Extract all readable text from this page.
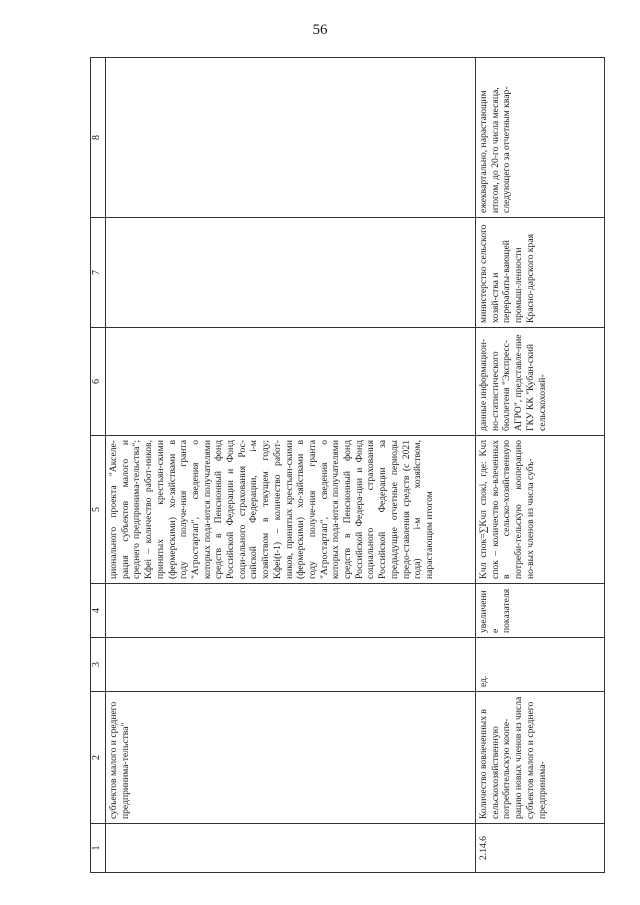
56
1	2	3	4	5	6	7	8
	субъектов малого и среднего предпринима-тельства"			ционального проекта "Акселе-рация субъектов малого и среднего предпринима-тельства"; Kфеi – количество работ-ников, принятых крестьян-скими (фермерскими) хо-зяйствами в году получе-ния гранта "Агростартап", сведения о которых пода-ются получателями средств в Пенсионный фонд Российской Федерации и Фонд соци-ального страхования Рос-сийской Федерации, i-м хозяйством в текущем году; Kфеi(t-1) – количество работ-ников, принятых крестьян-скими (фермерскими) хо-зяйствами в году получе-ния гранта "Агростартап", сведения о которых пода-ются получателями средств в Пенсионный фонд Российской Федера-ции и Фонд социального страхования Российской Федерации за предыдущие отчетные периоды предо-ставления средств (с 2021 года) i-м хозяйством, нарастающим итогом			
2.14.6	Количество вовлеченных в сельскохозяйственную потребительскую коопе-рацию новых членов из числа субъектов малого и среднего предпринима-	ед.	увеличение показателя	Kчл спок=∑Kчл спокi, где: Kчл спок – количество во-влеченных в сельско-хозяйственную потреби-тельскую кооперацию но-вых членов из числа субъ-	данные информацион-но-статистического бюллетеня "Экспресс-АГРО", представле-ние ГКУ КК "Кубан-ский сельскохозяй-	министерство сельского хозяй-ства и перерабаты-вающей промыш-ленности Красно-дарского края	ежеквартально, нарастающим итогом, до 20-го числа месяца, следующего за отчетным квар-
